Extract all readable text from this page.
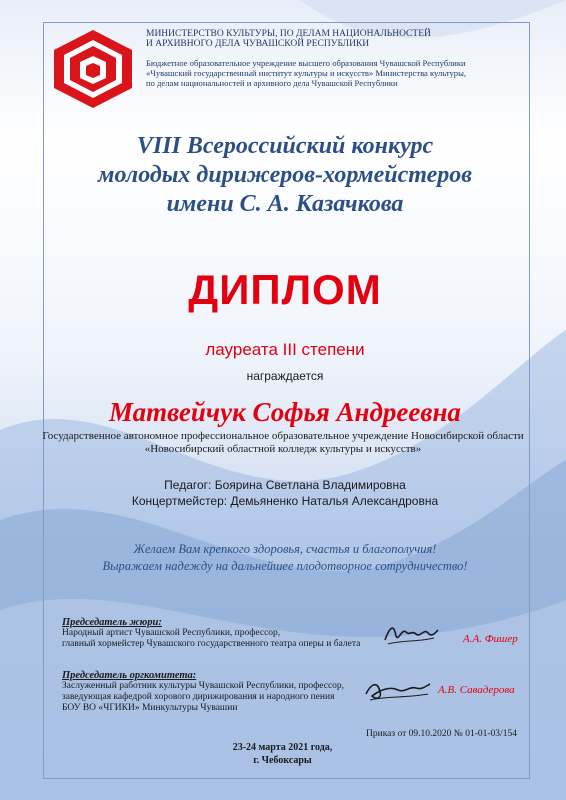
МИНИСТЕРСТВО КУЛЬТУРЫ, ПО ДЕЛАМ НАЦИОНАЛЬНОСТЕЙ
И АРХИВНОГО ДЕЛА ЧУВАШСКОЙ РЕСПУБЛИКИ
Бюджетное образовательное учреждение высшего образования Чувашской Республики
«Чувашский государственный институт культуры и искусств» Министерства культуры,
по делам национальностей и архивного дела Чувашской Республики
VIII Всероссийский конкурс
молодых дирижеров-хормейстеров
имени С. А. Казачкова
ДИПЛОМ
лауреата III степени
награждается
Матвейчук Софья Андреевна
Государственное автономное профессиональное образовательное учреждение Новосибирской области
«Новосибирский областной колледж культуры и искусств»
Педагог: Боярина Светлана Владимировна
Концертмейстер: Демьяненко Наталья Александровна
Желаем Вам крепкого здоровья, счастья и благополучия!
Выражаем надежду на дальнейшее плодотворное сотрудничество!
Председатель жюри:
Народный артист Чувашской Республики, профессор,
главный хормейстер Чувашского государственного театра оперы и балета	А.А. Фишер
Председатель оргкомитета:
Заслуженный работник культуры Чувашской Республики, профессор,
заведующая кафедрой хорового дирижирования и народного пения
БОУ ВО «ЧГИКИ» Минкультуры Чувашии
А.В. Савадерова
Приказ от 09.10.2020 № 01-01-03/154
23-24 марта 2021 года,
г. Чебоксары
